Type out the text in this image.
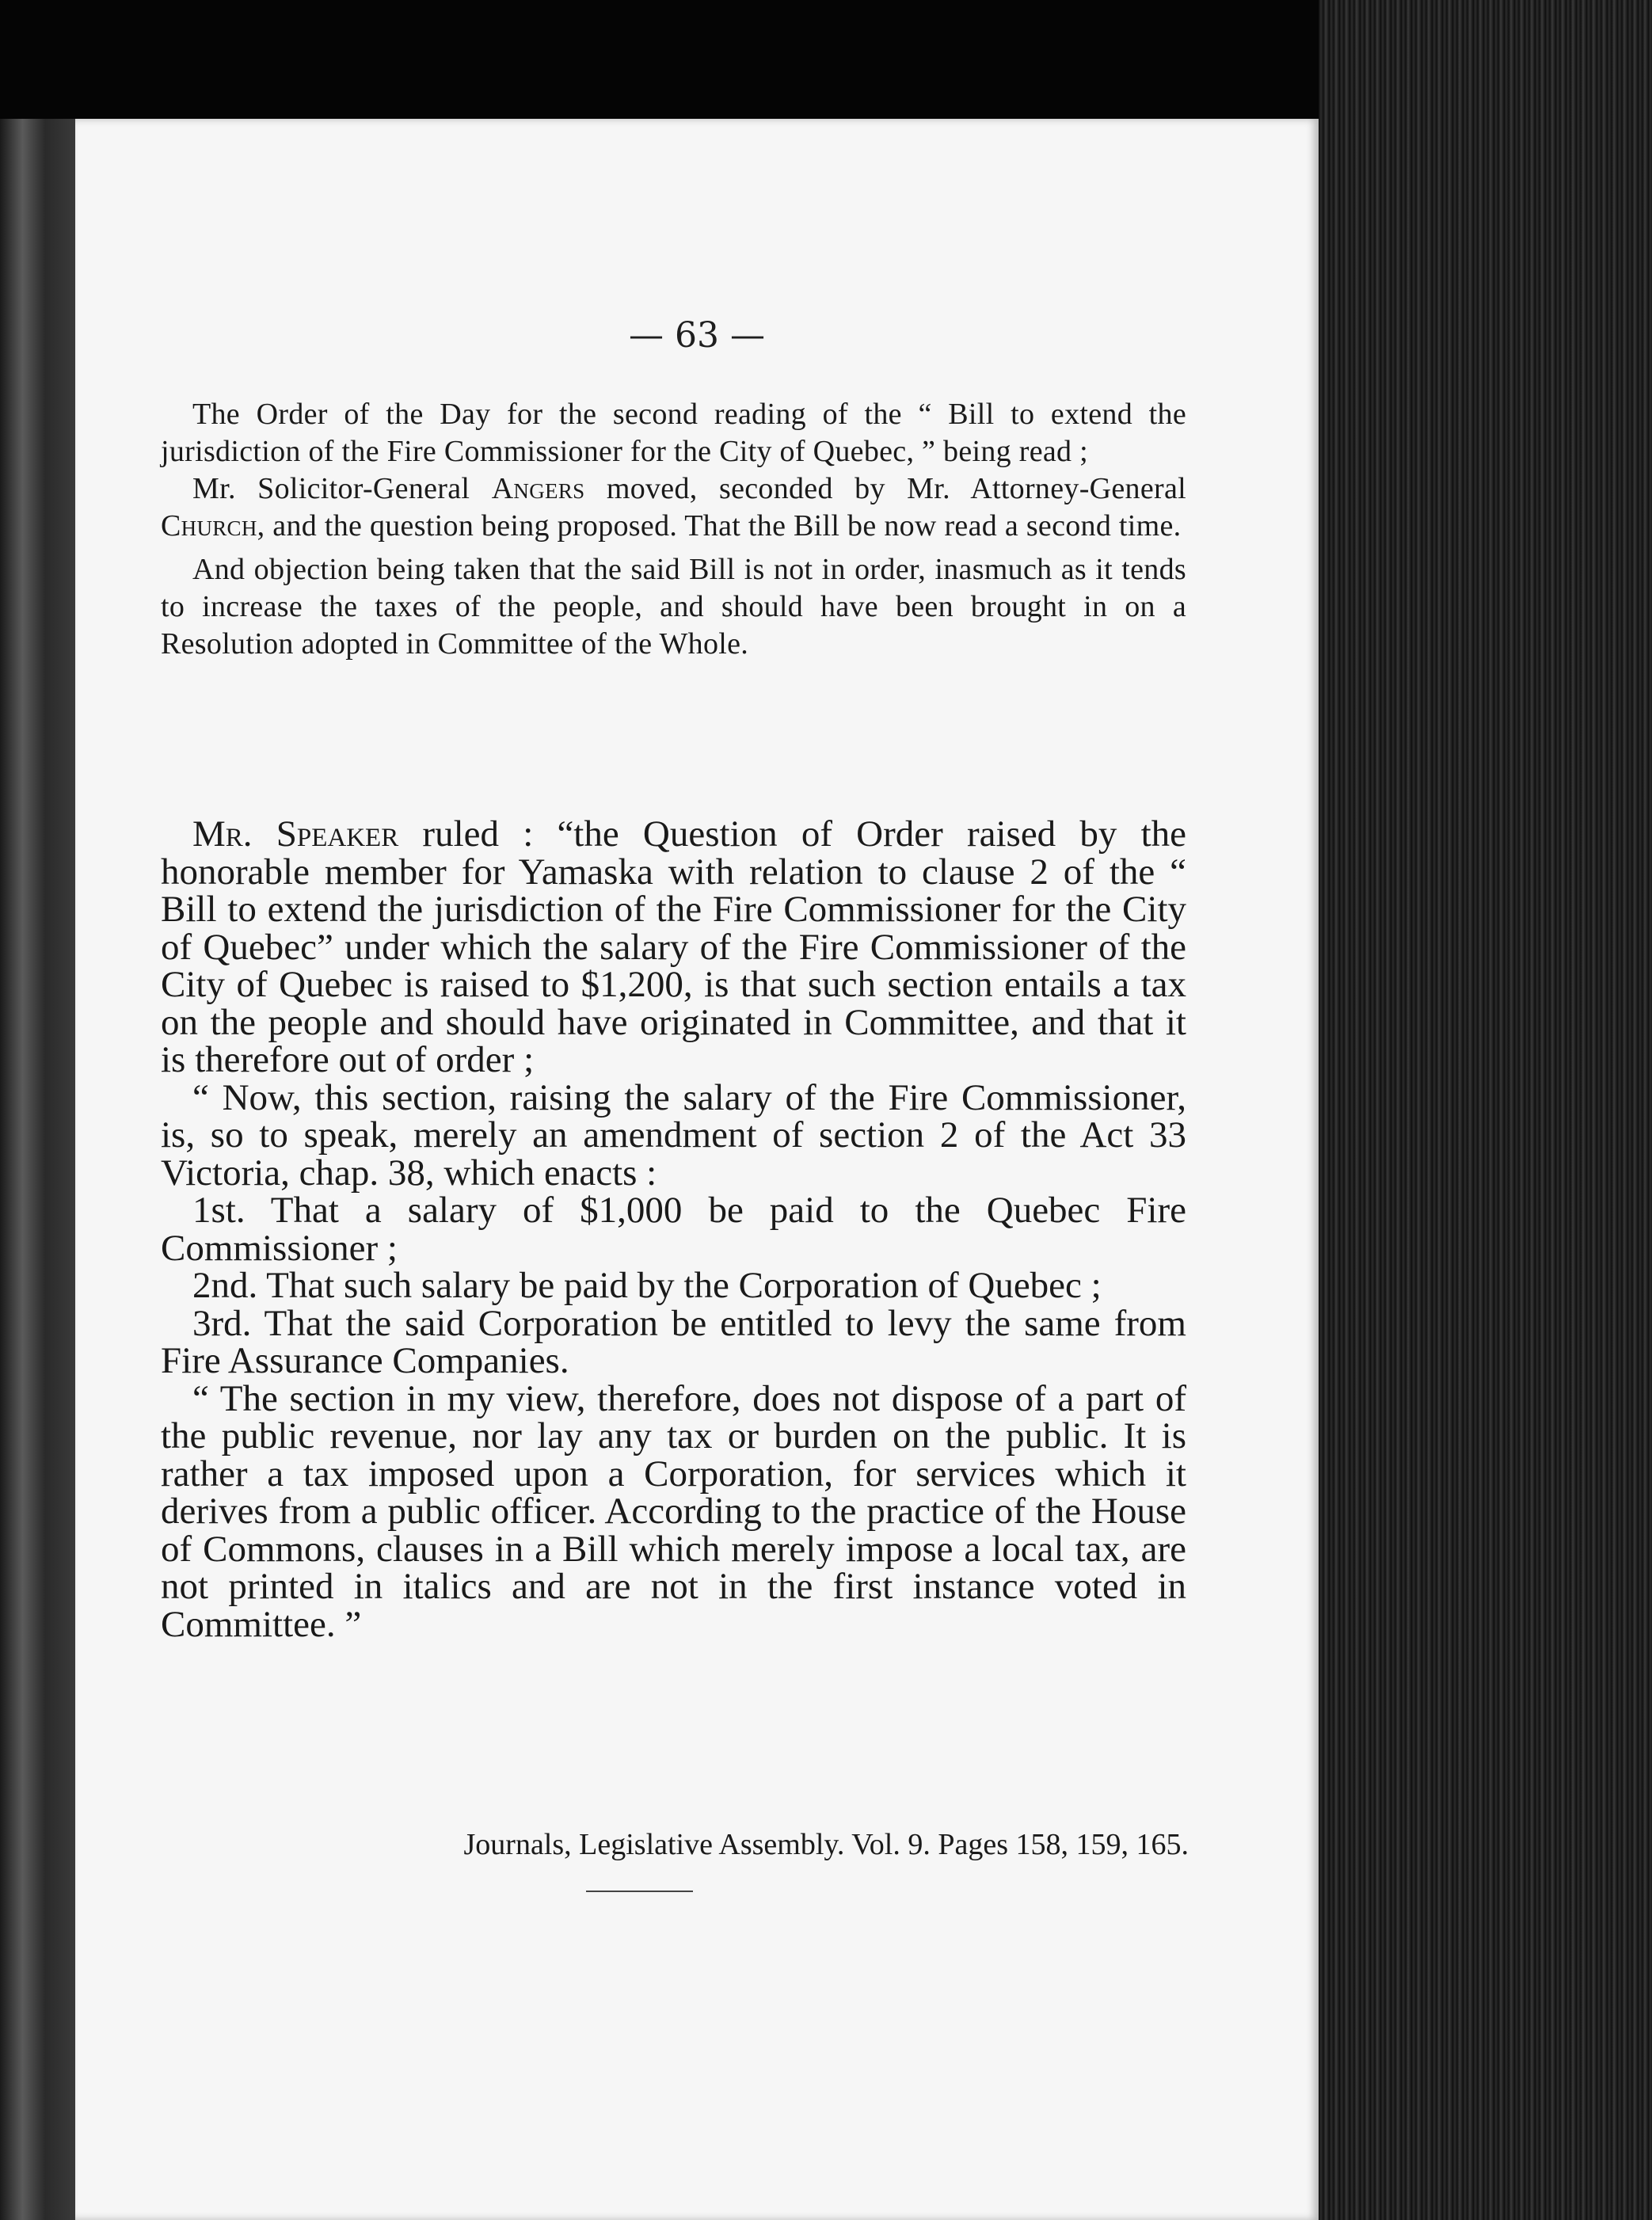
— 63 —

The Order of the Day for the second reading of the “ Bill to extend the jurisdiction of the Fire Commissioner for the City of Quebec, ” being read ;

Mr. Solicitor-General Angers moved, seconded by Mr. Attorney-General Church, and the question being proposed. That the Bill be now read a second time.

And objection being taken that the said Bill is not in order, inasmuch as it tends to increase the taxes of the people, and should have been brought in on a Resolution adopted in Committee of the Whole.

Mr. Speaker ruled : “the Question of Order raised by the honorable member for Yamaska with relation to clause 2 of the “ Bill to extend the jurisdiction of the Fire Commissioner for the City of Quebec” under which the salary of the Fire Commissioner of the City of Quebec is raised to $1,200, is that such section entails a tax on the people and should have originated in Committee, and that it is therefore out of order ;

“ Now, this section, raising the salary of the Fire Commissioner, is, so to speak, merely an amendment of section 2 of the Act 33 Victoria, chap. 38, which enacts :

1st. That a salary of $1,000 be paid to the Quebec Fire Commissioner ;

2nd. That such salary be paid by the Corporation of Quebec ;

3rd. That the said Corporation be entitled to levy the same from Fire Assurance Companies.

“ The section in my view, therefore, does not dispose of a part of the public revenue, nor lay any tax or burden on the public. It is rather a tax imposed upon a Corporation, for services which it derives from a public officer. According to the practice of the House of Commons, clauses in a Bill which merely impose a local tax, are not printed in italics and are not in the first instance voted in Committee. ”

Journals, Legislative Assembly. Vol. 9. Pages 158, 159, 165.
